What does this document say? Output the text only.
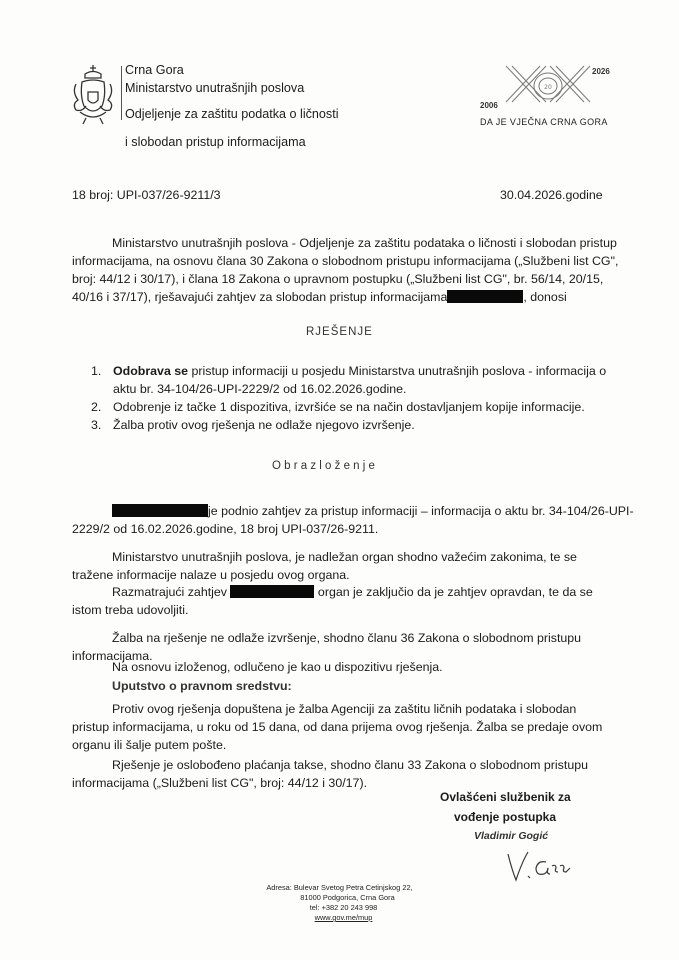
Crna Gora
Ministarstvo unutrašnjih poslova
Odjeljenje za zaštitu podatka o ličnosti
i slobodan pristup informacijama
20
2006
2026
DA JE VJEČNA CRNA GORA
18 broj: UPI-037/26-9211/3	30.04.2026.godine
Ministarstvo unutrašnjih poslova - Odjeljenje za zaštitu podataka o ličnosti i slobodan pristup
informacijama, na osnovu člana 30 Zakona o slobodnom pristupu informacijama („Službeni list CG",
broj: 44/12 i 30/17), i člana 18 Zakona o upravnom postupku („Službeni list CG", br. 56/14, 20/15,
40/16 i 37/17), rješavajući zahtjev za slobodan pristup informacijama	, donosi
RJEŠENJE
1. Odobrava se pristup informaciji u posjedu Ministarstva unutrašnjih poslova - informacija o
aktu br. 34-104/26-UPI-2229/2 od 16.02.2026.godine.
2. Odobrenje iz tačke 1 dispozitiva, izvršiće se na način dostavljanjem kopije informacije.
3. Žalba protiv ovog rješenja ne odlaže njegovo izvršenje.
O b r a z l o ž e n j e
je podnio zahtjev za pristup informaciji – informacija o aktu br. 34-104/26-UPI-
2229/2 od 16.02.2026.godine, 18 broj UPI-037/26-9211.
Ministarstvo unutrašnjih poslova, je nadležan organ shodno važećim zakonima, te se
tražene informacije nalaze u posjedu ovog organa.
Razmatrajući zahtjev	organ je zaključio da je zahtjev opravdan, te da se
istom treba udovoljiti.
Žalba na rješenje ne odlaže izvršenje, shodno članu 36 Zakona o slobodnom pristupu
informacijama.
Na osnovu izloženog, odlučeno je kao u dispozitivu rješenja.
Uputstvo o pravnom sredstvu:
Protiv ovog rješenja dopuštena je žalba Agenciji za zaštitu ličnih podataka i slobodan
pristup informacijama, u roku od 15 dana, od dana prijema ovog rješenja. Žalba se predaje ovom
organu ili šalje putem pošte.
Rješenje je oslobođeno plaćanja takse, shodno članu 33 Zakona o slobodnom pristupu
informacijama („Službeni list CG", broj: 44/12 i 30/17).
Ovlašćeni službenik za
vođenje postupka
Vladimir Gogić
Adresa: Bulevar Svetog Petra Cetinjskog 22,
81000 Podgorica, Crna Gora
tel: +382 20 243 998
www.gov.me/mup
